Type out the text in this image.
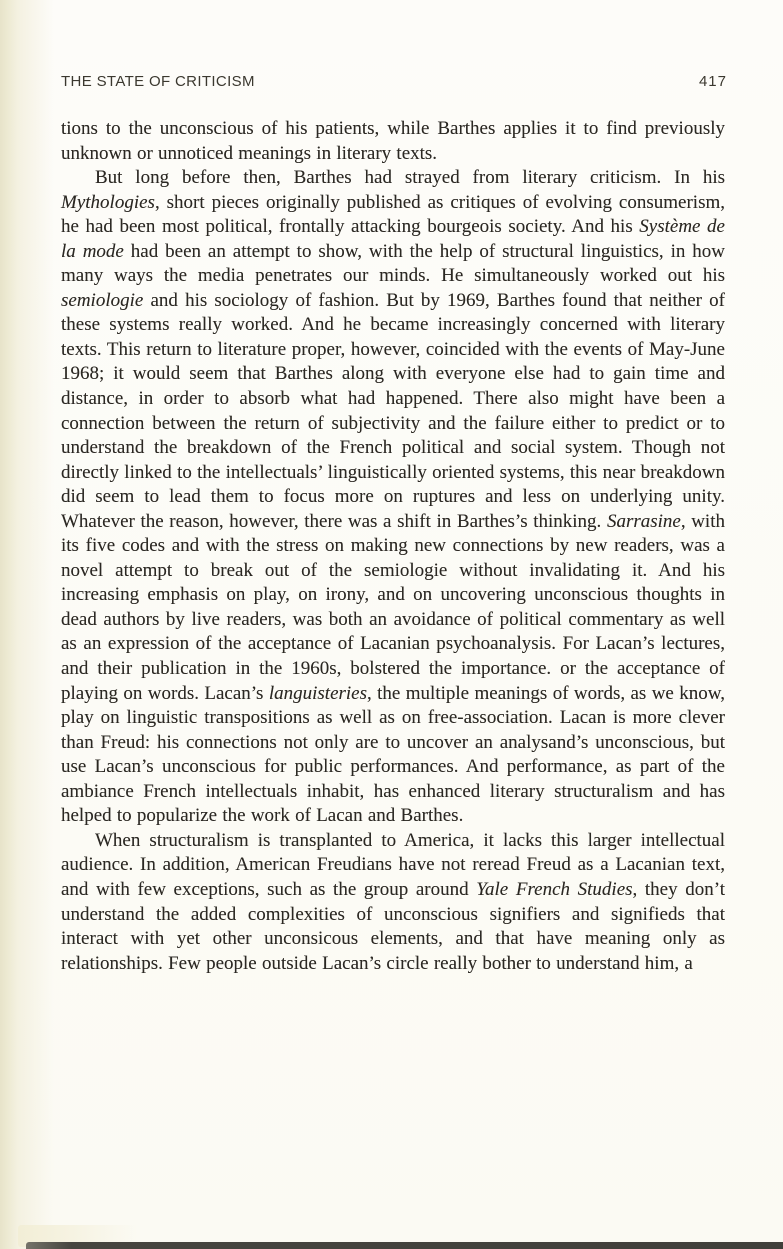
THE STATE OF CRITICISM	417

tions to the unconscious of his patients, while Barthes applies it to find previously unknown or unnoticed meanings in literary texts.

But long before then, Barthes had strayed from literary criticism. In his Mythologies, short pieces originally published as critiques of evolving consumerism, he had been most political, frontally attacking bourgeois society. And his Système de la mode had been an attempt to show, with the help of structural linguistics, in how many ways the media penetrates our minds. He simultaneously worked out his semiologie and his sociology of fashion. But by 1969, Barthes found that neither of these systems really worked. And he became increasingly concerned with literary texts. This return to literature proper, however, coincided with the events of May-June 1968; it would seem that Barthes along with everyone else had to gain time and distance, in order to absorb what had happened. There also might have been a connection between the return of subjectivity and the failure either to predict or to understand the breakdown of the French political and social system. Though not directly linked to the intellectuals’ linguistically oriented systems, this near breakdown did seem to lead them to focus more on ruptures and less on underlying unity. Whatever the reason, however, there was a shift in Barthes’s thinking. Sarrasine, with its five codes and with the stress on making new connections by new readers, was a novel attempt to break out of the semiologie without invalidating it. And his increasing emphasis on play, on irony, and on uncovering unconscious thoughts in dead authors by live readers, was both an avoidance of political commentary as well as an expression of the acceptance of Lacanian psychoanalysis. For Lacan’s lectures, and their publication in the 1960s, bolstered the importance. or the acceptance of playing on words. Lacan’s languisteries, the multiple meanings of words, as we know, play on linguistic transpositions as well as on free-association. Lacan is more clever than Freud: his connections not only are to uncover an analysand’s unconscious, but use Lacan’s unconscious for public performances. And performance, as part of the ambiance French intellectuals inhabit, has enhanced literary structuralism and has helped to popularize the work of Lacan and Barthes.

When structuralism is transplanted to America, it lacks this larger intellectual audience. In addition, American Freudians have not reread Freud as a Lacanian text, and with few exceptions, such as the group around Yale French Studies, they don’t understand the added complexities of unconscious signifiers and signifieds that interact with yet other unconsicous elements, and that have meaning only as relationships. Few people outside Lacan’s circle really bother to understand him, a
